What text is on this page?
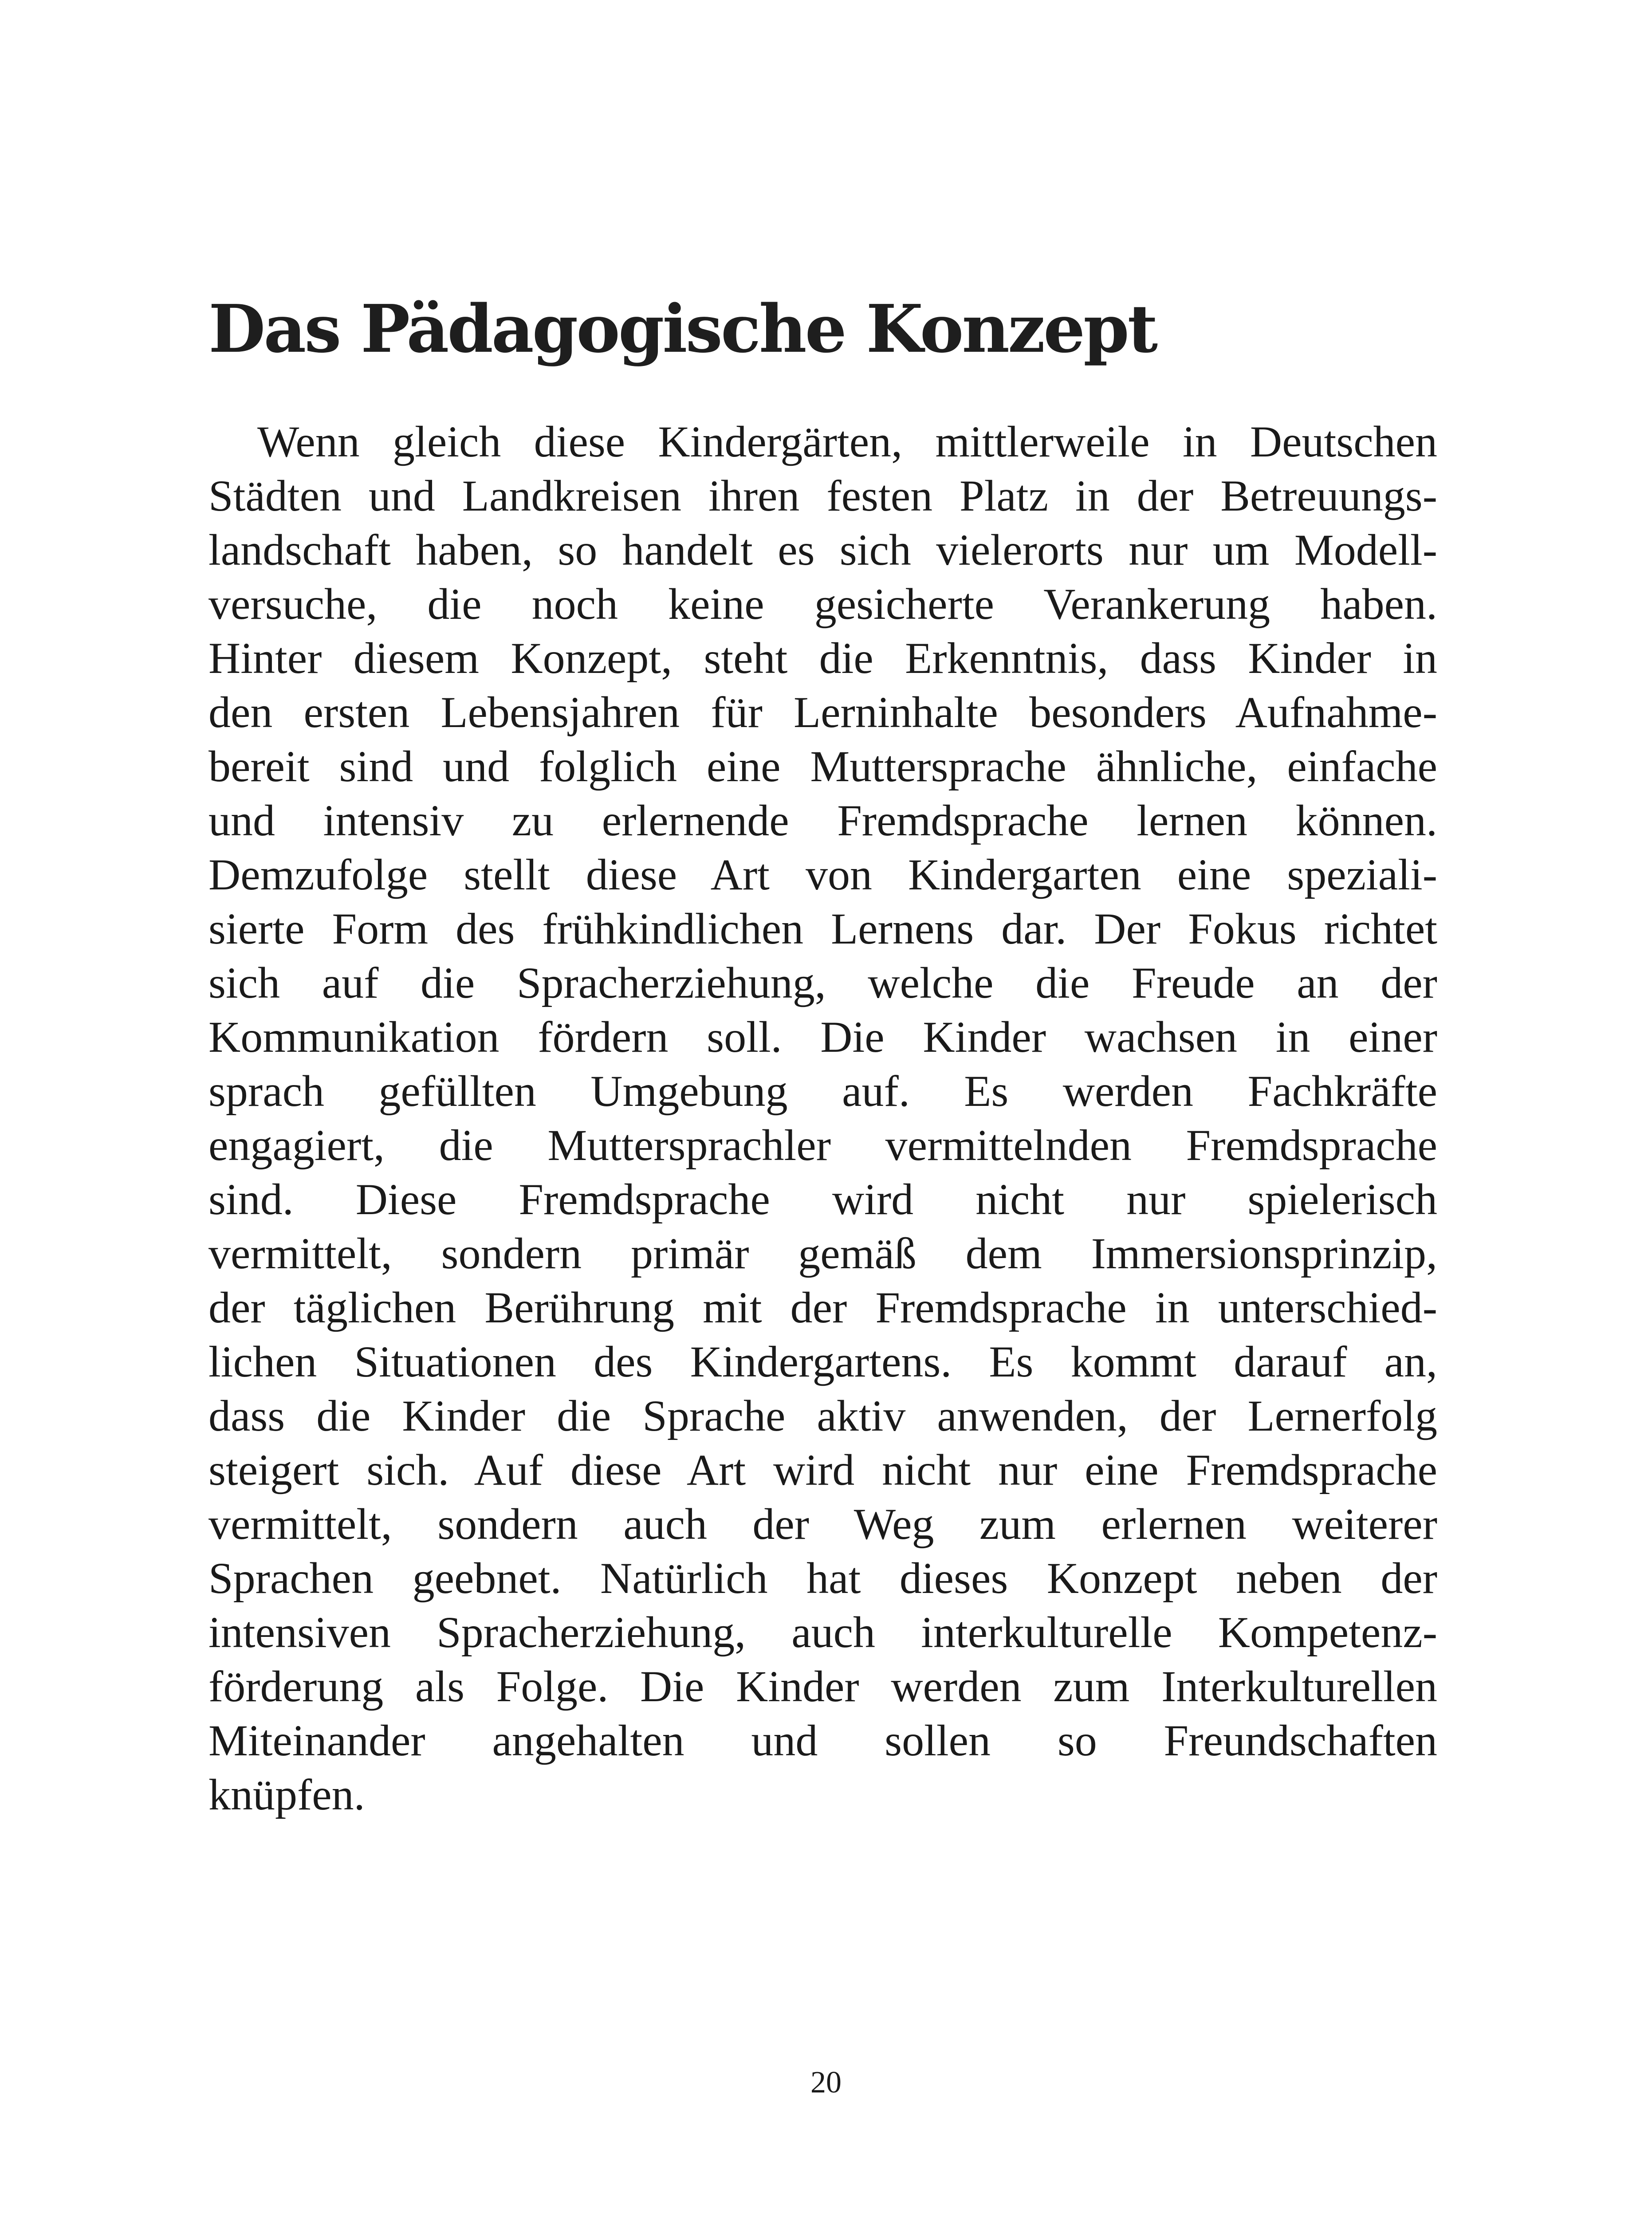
Das Pädagogische Konzept
Wenn gleich diese Kindergärten, mittlerweile in Deutschen
Städten und Landkreisen ihren festen Platz in der Betreuungs-
landschaft haben, so handelt es sich vielerorts nur um Modell-
versuche, die noch keine gesicherte Verankerung haben.
Hinter diesem Konzept, steht die Erkenntnis, dass Kinder in
den ersten Lebensjahren für Lerninhalte besonders Aufnahme-
bereit sind und folglich eine Muttersprache ähnliche, einfache
und intensiv zu erlernende Fremdsprache lernen können.
Demzufolge stellt diese Art von Kindergarten eine speziali-
sierte Form des frühkindlichen Lernens dar. Der Fokus richtet
sich auf die Spracherziehung, welche die Freude an der
Kommunikation fördern soll. Die Kinder wachsen in einer
sprach gefüllten Umgebung auf. Es werden Fachkräfte
engagiert, die Muttersprachler vermittelnden Fremdsprache
sind. Diese Fremdsprache wird nicht nur spielerisch
vermittelt, sondern primär gemäß dem Immersionsprinzip,
der täglichen Berührung mit der Fremdsprache in unterschied-
lichen Situationen des Kindergartens. Es kommt darauf an,
dass die Kinder die Sprache aktiv anwenden, der Lernerfolg
steigert sich. Auf diese Art wird nicht nur eine Fremdsprache
vermittelt, sondern auch der Weg zum erlernen weiterer
Sprachen geebnet. Natürlich hat dieses Konzept neben der
intensiven Spracherziehung, auch interkulturelle Kompetenz-
förderung als Folge. Die Kinder werden zum Interkulturellen
Miteinander angehalten und sollen so Freundschaften
knüpfen.
20
